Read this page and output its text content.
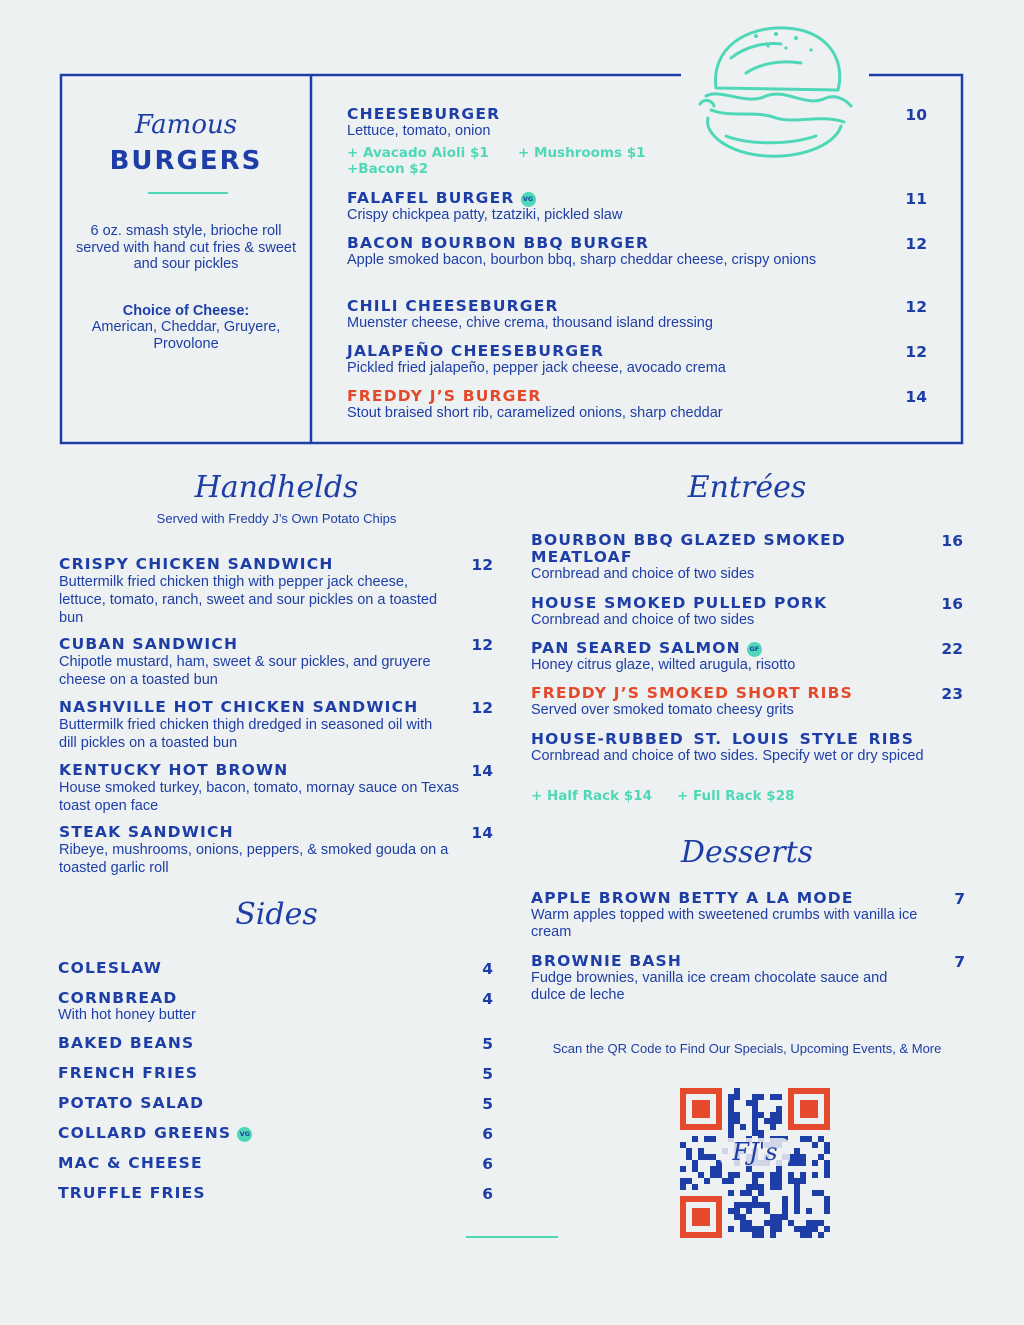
Famous
BURGERS
6 oz. smash style, brioche roll served with hand cut fries & sweet and sour pickles
Choice of Cheese:
American, Cheddar, Gruyere, Provolone
CHEESEBURGER
Lettuce, tomato, onion
10
+ Avacado Aioli $1 + Mushrooms $1
+Bacon $2
FALAFEL BURGER VG
Crispy chickpea patty, tzatziki, pickled slaw
11
BACON BOURBON BBQ BURGER
Apple smoked bacon, bourbon bbq, sharp cheddar cheese, crispy onions
12
CHILI CHEESEBURGER
Muenster cheese, chive crema, thousand island dressing
12
JALAPEÑO CHEESEBURGER
Pickled fried jalapeño, pepper jack cheese, avocado crema
12
FREDDY J’S BURGER
Stout braised short rib, caramelized onions, sharp cheddar
14
Handhelds
Served with Freddy J’s Own Potato Chips
CRISPY CHICKEN SANDWICH
Buttermilk fried chicken thigh with pepper jack cheese, lettuce, tomato, ranch, sweet and sour pickles on a toasted bun
12
CUBAN SANDWICH
Chipotle mustard, ham, sweet & sour pickles, and gruyere cheese on a toasted bun
12
NASHVILLE HOT CHICKEN SANDWICH
Buttermilk fried chicken thigh dredged in seasoned oil with dill pickles on a toasted bun
12
KENTUCKY HOT BROWN
House smoked turkey, bacon, tomato, mornay sauce on Texas toast open face
14
STEAK SANDWICH
Ribeye, mushrooms, onions, peppers, & smoked gouda on a toasted garlic roll
14
Sides
COLESLAW	4
CORNBREAD
With hot honey butter
4
BAKED BEANS	5
FRENCH FRIES	5
POTATO SALAD	5
COLLARD GREENS VG	6
MAC & CHEESE	6
TRUFFLE FRIES	6
Entrées
BOURBON BBQ GLAZED SMOKED MEATLOAF
Cornbread and choice of two sides
16
HOUSE SMOKED PULLED PORK
Cornbread and choice of two sides
16
PAN SEARED SALMON GF
Honey citrus glaze, wilted arugula, risotto
22
FREDDY J’S SMOKED SHORT RIBS
Served over smoked tomato cheesy grits
23
HOUSE-RUBBED ST. LOUIS STYLE RIBS
Cornbread and choice of two sides. Specify wet or dry spiced
+ Half Rack $14 + Full Rack $28
Desserts
APPLE BROWN BETTY A LA MODE
Warm apples topped with sweetened crumbs with vanilla ice cream
7
BROWNIE BASH
Fudge brownies, vanilla ice cream chocolate sauce and dulce de leche
7
Scan the QR Code to Find Our Specials, Upcoming Events, & More
FJ's
